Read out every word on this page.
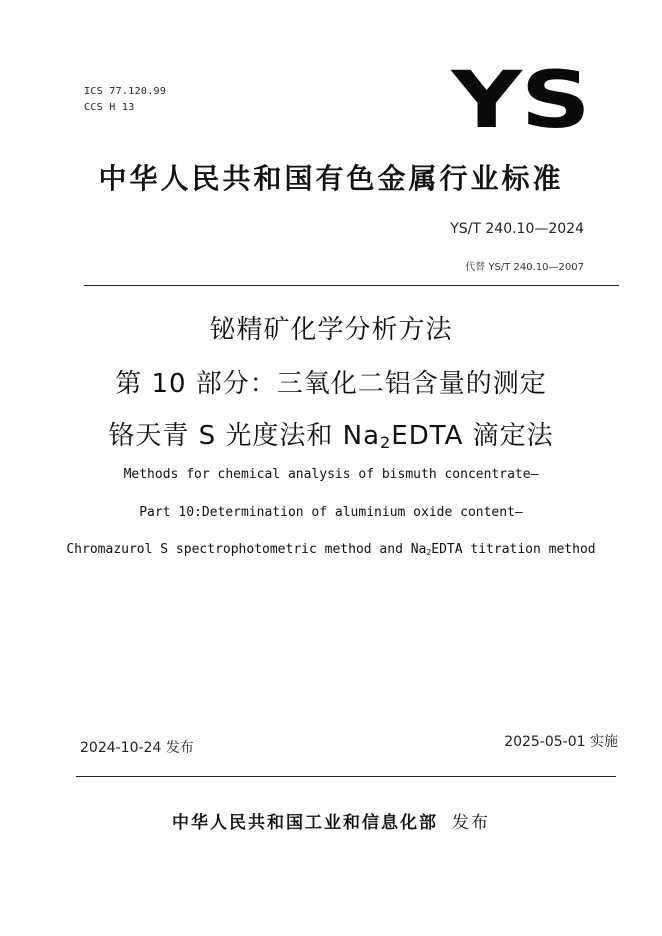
ICS 77.120.99
CCS H 13	YS
中华人民共和国有色金属行业标准
YS/T 240.10—2024
代替 YS/T 240.10—2007
铋精矿化学分析方法
第 10 部分：三氧化二铝含量的测定
铬天青 S 光度法和 $Na_2EDTA$ 滴定法
Methods for chemical analysis of bismuth concentrate—
Part 10:Determination of aluminium oxide content—
Chromazurol S spectrophotometric method and $Na_2EDTA$ titration method
2024-10-24 发布	2025-05-01 实施
中华人民共和国工业和信息化部 发布
